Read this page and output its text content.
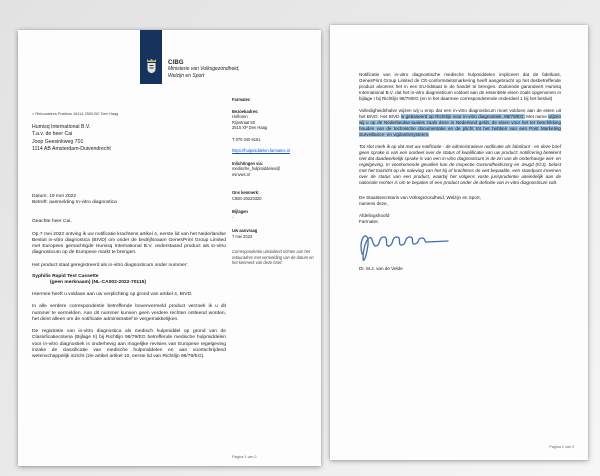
CIBG
Ministerie van Volksgezondheid,
Welzijn en Sport
> Retouradres Postbus 16114 2500 BC Den Haag
Humisq International B.V.
T.a.v. de heer Cai
Joop Geesinkweg 701
1114 AB Amsterdam-Duivendrecht
Farmatec
Bezoekadres:
Hoftoren
Rijnstraat 50
2515 XP Den Haag
T 070 340 6161
https://hulpmiddelen.farmatec.nl
Inlichtingen via:
medische_hulpmiddelen@
minvws.nl
Ons kenmerk:
CIBG-20223320
Bijlagen
-
Uw aanvraag
7 mei 2022
Correspondentie uitsluitend richten aan het retouradres met vermelding van de datum en het kenmerk van deze brief.
Datum: 19 mei 2022
Betreft: aanmelding In-vitro diagnostica
Geachte heer Cai,

Op 7 mei 2022 ontving ik uw notificatie krachtens artikel 4, eerste lid van het Nederlandse Besluit in-vitro diagnostica (BIVD) om onder de bedrijfsnaam GenesPrint Group Limited met Europees gemachtigde Humisq International B.V. onderstaand product als in-vitro diagnosticum op de Europese markt te brengen.

Het product staat geregistreerd als in-vitro diagnosticum onder nummer:

Syphilis Rapid Test Cassette
(geen merknaam) (NL-CA002-2022-70115)

Hiermee heeft u voldaan aan uw verplichting op grond van artikel 4, BIVD.

In alle verdere correspondentie betreffende bovenvermeld product verzoek ik u dit nummer te vermelden. Aan dit nummer kunnen geen verdere rechten ontleend worden, het dient alleen om de notificatie administratief te vergemakkelijken.

De registratie van in-vitro diagnostica als medisch hulpmiddel op grond van de Classificatiecriteria (Bijlage II) bij Richtlijn 98/79/EG betreffende medische hulpmiddelen voor in-vitro diagnostiek is onderhevig aan mogelijke revisies van Europese regelgeving inzake de classificatie van medische hulpmiddelen en aan voortschrijdend wetenschappelijk inzicht (zie artikel artikel 10, eerste lid van Richtlijn 98/79/EG).

Pagina 1 van 2

Notificatie van in-vitro diagnostische medische hulpmiddelen impliceert dat de fabrikant, GenesPrint Group Limited de CE-conformiteitsmarkering heeft aangebracht op het desbetreffende product alvorens het in een EU-lidstaat in de handel te brengen. Zodoende garandeert Humisq International B.V. dat het in-vitro diagnosticum voldoet aan de essentiële eisen zoals opgenomen in bijlage I bij Richtlijn 98/79/EG (en in het daarmee corresponderende onderdeel 1 bij het besluit)

Volledigheidshalve wijzen wij u erop dat een in-vitro diagnosticum moet voldoen aan de eisen uit het BIVD. Het BIVD is gebaseerd op Richtlijn voor in-vitro diagnostiek, 98/79/EG. Met name wijzen wij u op de Nederlandse-taaleis zoals deze in Nederland geldt, de eisen voor het ter beschikking houden van de technische documentatie en de plicht tot het hebben van een Post Marketing Surveillance- en vigilantiesysteem.

Tot slot merk ik op dat met uw notificatie - de administratieve notificatie als fabrikant - en deze brief geen sprake is van een oordeel over de status of kwalificatie van uw product: notificering betekent niet dat daadwerkelijk sprake is van een in-vitro diagnosticum in de zin van de onderhavige wet- en regelgeving. In voorkomende gevallen kan de Inspectie Gezondheidszorg en Jeugd (IGJ), belast met het toezicht op de naleving van het bij of krachtens de wet bepaalde, een standpunt innemen over de status van een product, waarbij het volgens vaste jurisprudentie uiteindelijk aan de nationale rechter is om te bepalen of een product onder de definitie van in-vitro diagnosticum valt.

De Staatssecretaris van Volksgezondheid, Welzijn en Sport,
namens deze,
Afdelingshoofd
Farmatec
Dr. M.J. van de Velde
Pagina 2 van 2
